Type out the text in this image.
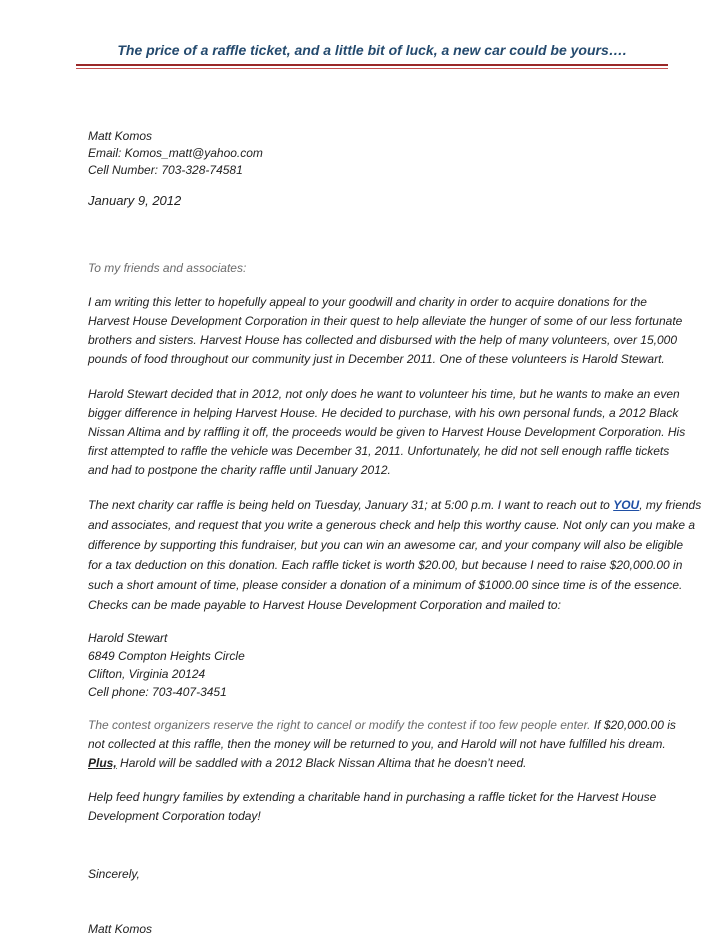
The price of a raffle ticket, and a little bit of luck, a new car could be yours….

Matt Komos

Email: Komos_matt@yahoo.com

Cell Number: 703-328-74581

January 9, 2012

To my friends and associates:

I am writing this letter to hopefully appeal to your goodwill and charity in order to acquire donations for the

Harvest House Development Corporation in their quest to help alleviate the hunger of some of our less fortunate

brothers and sisters. Harvest House has collected and disbursed with the help of many volunteers, over 15,000

pounds of food throughout our community just in December 2011. One of these volunteers is Harold Stewart.

Harold Stewart decided that in 2012, not only does he want to volunteer his time, but he wants to make an even

bigger difference in helping Harvest House. He decided to purchase, with his own personal funds, a 2012 Black

Nissan Altima and by raffling it off, the proceeds would be given to Harvest House Development Corporation. His

first attempted to raffle the vehicle was December 31, 2011. Unfortunately, he did not sell enough raffle tickets

and had to postpone the charity raffle until January 2012.

The next charity car raffle is being held on Tuesday, January 31; at 5:00 p.m. I want to reach out to YOU, my friends

and associates, and request that you write a generous check and help this worthy cause. Not only can you make a

difference by supporting this fundraiser, but you can win an awesome car, and your company will also be eligible

for a tax deduction on this donation. Each raffle ticket is worth $20.00, but because I need to raise $20,000.00 in

such a short amount of time, please consider a donation of a minimum of $1000.00 since time is of the essence.

Checks can be made payable to Harvest House Development Corporation and mailed to:

Harold Stewart

6849 Compton Heights Circle

Clifton, Virginia 20124

Cell phone: 703-407-3451

The contest organizers reserve the right to cancel or modify the contest if too few people enter. If $20,000.00 is

not collected at this raffle, then the money will be returned to you, and Harold will not have fulfilled his dream.

Plus, Harold will be saddled with a 2012 Black Nissan Altima that he doesn’t need.

Help feed hungry families by extending a charitable hand in purchasing a raffle ticket for the Harvest House

Development Corporation today!

Sincerely,

Matt Komos
